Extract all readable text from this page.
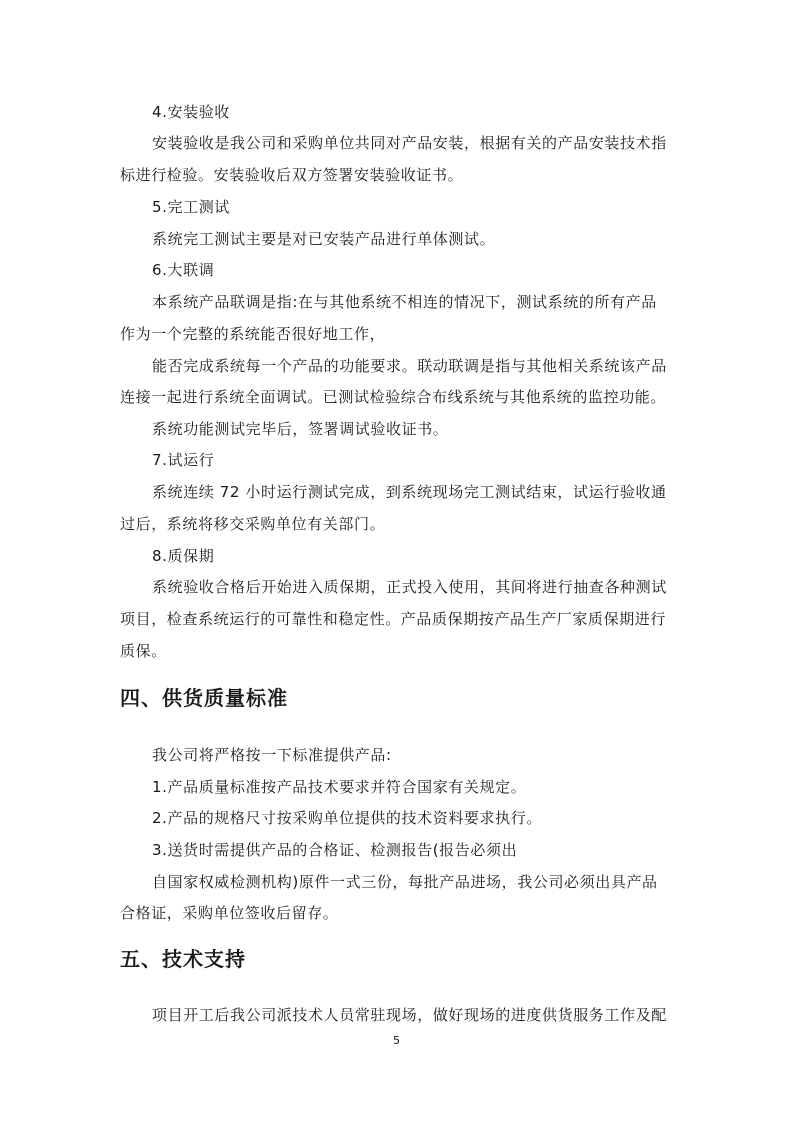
4.安装验收
安装验收是我公司和采购单位共同对产品安装，根据有关的产品安装技术指
标进行检验。安装验收后双方签署安装验收证书。
5.完工测试
系统完工测试主要是对已安装产品进行单体测试。
6.大联调
本系统产品联调是指:在与其他系统不相连的情况下，测试系统的所有产品
作为一个完整的系统能否很好地工作，
能否完成系统每一个产品的功能要求。联动联调是指与其他相关系统该产品
连接一起进行系统全面调试。已测试检验综合布线系统与其他系统的监控功能。
系统功能测试完毕后，签署调试验收证书。
7.试运行
系统连续 72 小时运行测试完成，到系统现场完工测试结束，试运行验收通
过后，系统将移交采购单位有关部门。
8.质保期
系统验收合格后开始进入质保期，正式投入使用，其间将进行抽查各种测试
项目，检查系统运行的可靠性和稳定性。产品质保期按产品生产厂家质保期进行
质保。
四、供货质量标准
我公司将严格按一下标准提供产品:
1.产品质量标准按产品技术要求并符合国家有关规定。
2.产品的规格尺寸按采购单位提供的技术资料要求执行。
3.送货时需提供产品的合格证、检测报告(报告必须出
自国家权威检测机构)原件一式三份，每批产品进场，我公司必须出具产品
合格证，采购单位签收后留存。
五、技术支持
项目开工后我公司派技术人员常驻现场，做好现场的进度供货服务工作及配
5
